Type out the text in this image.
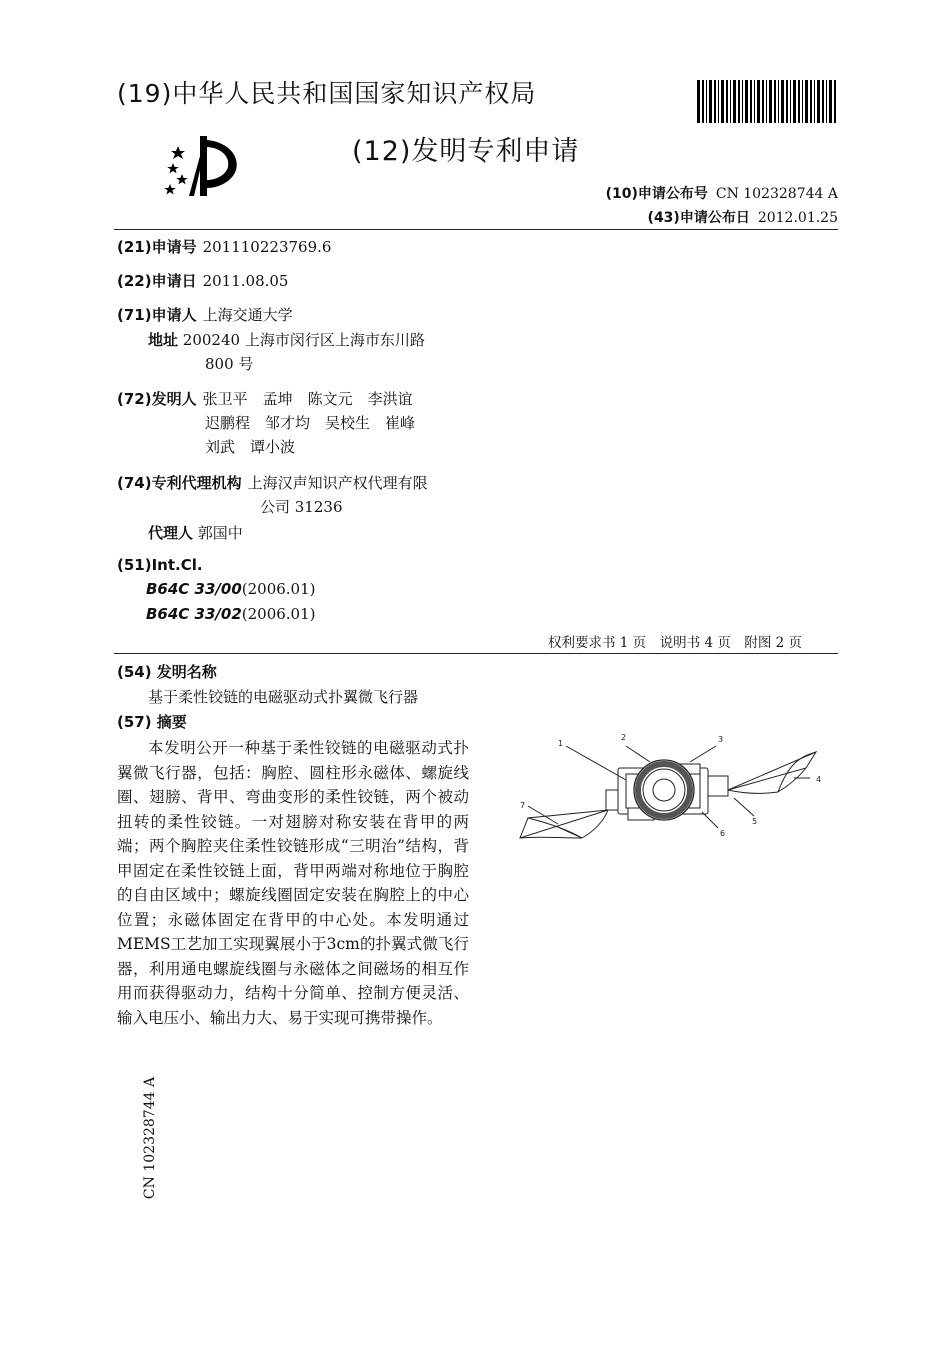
(19)中华人民共和国国家知识产权局
(12)发明专利申请
(10)申请公布号 CN 102328744 A
(43)申请公布日 2012.01.25
(21)申请号 201110223769.6
(22)申请日 2011.08.05
(71)申请人 上海交通大学
地址 200240 上海市闵行区上海市东川路
800 号
(72)发明人 张卫平　孟坤　陈文元　李洪谊
迟鹏程　邹才均　吴校生　崔峰
刘武　谭小波
(74)专利代理机构 上海汉声知识产权代理有限
公司 31236
代理人 郭国中
(51)Int.Cl.
B64C 33/00(2006.01)
B64C 33/02(2006.01)
权利要求书 1 页　说明书 4 页　附图 2 页
(54) 发明名称
基于柔性铰链的电磁驱动式扑翼微飞行器
(57) 摘要

本发明公开一种基于柔性铰链的电磁驱动式扑翼微飞行器，包括：胸腔、圆柱形永磁体、螺旋线圈、翅膀、背甲、弯曲变形的柔性铰链，两个被动扭转的柔性铰链。一对翅膀对称安装在背甲的两端；两个胸腔夹住柔性铰链形成“三明治”结构，背甲固定在柔性铰链上面，背甲两端对称地位于胸腔的自由区域中；螺旋线圈固定安装在胸腔上的中心位置；永磁体固定在背甲的中心处。本发明通过MEMS工艺加工实现翼展小于3cm的扑翼式微飞行器，利用通电螺旋线圈与永磁体之间磁场的相互作用而获得驱动力，结构十分简单、控制方便灵活、输入电压小、输出力大、易于实现可携带操作。

1
2	3
4
5
6
7
CN 102328744 A
